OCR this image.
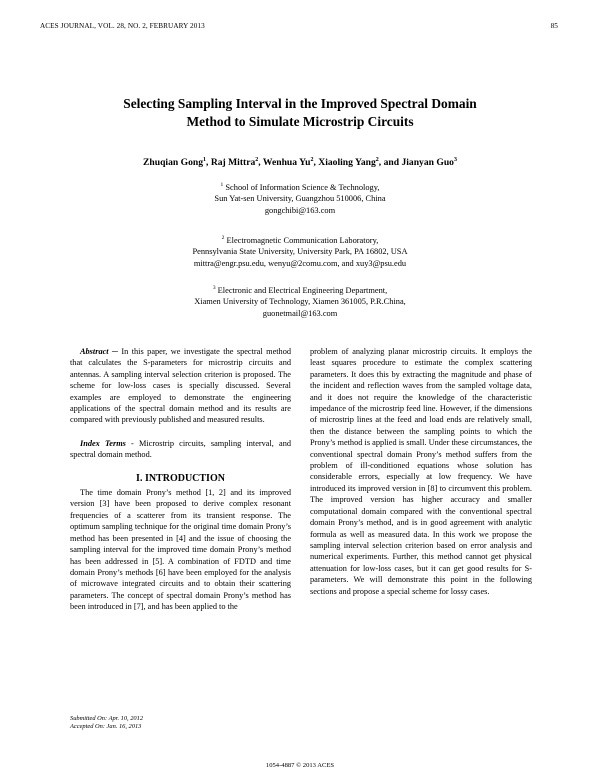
ACES JOURNAL, VOL. 28, NO. 2, FEBRUARY 2013	85
Selecting Sampling Interval in the Improved Spectral Domain
Method to Simulate Microstrip Circuits
Zhuqian Gong$^1$, Raj Mittra$^2$, Wenhua Yu$^2$, Xiaoling Yang$^2$, and Jianyan Guo$^3$
$^1$ School of Information Science & Technology,
Sun Yat-sen University, Guangzhou 510006, China
gongchibi@163.com
$^2$ Electromagnetic Communication Laboratory,
Pennsylvania State University, University Park, PA 16802, USA
mittra@engr.psu.edu, wenyu@2comu.com, and xuy3@psu.edu
$^3$ Electronic and Electrical Engineering Department,
Xiamen University of Technology, Xiamen 361005, P.R.China,
guonetmail@163.com

Abstract ─ In this paper, we investigate the spectral method that calculates the S-parameters for microstrip circuits and antennas. A sampling interval selection criterion is proposed. The scheme for low-loss cases is specially discussed. Several examples are employed to demonstrate the engineering applications of the spectral domain method and its results are compared with previously published and measured results.

Index Terms - Microstrip circuits, sampling interval, and spectral domain method.

I. INTRODUCTION

The time domain Prony’s method [1, 2] and its improved version [3] have been proposed to derive complex resonant frequencies of a scatterer from its transient response. The optimum sampling technique for the original time domain Prony’s method has been presented in [4] and the issue of choosing the sampling interval for the improved time domain Prony’s method has been addressed in [5]. A combination of FDTD and time domain Prony’s methods [6] have been employed for the analysis of microwave integrated circuits and to obtain their scattering parameters. The concept of spectral domain Prony’s method has been introduced in [7], and has been applied to the

problem of analyzing planar microstrip circuits. It employs the least squares procedure to estimate the complex scattering parameters. It does this by extracting the magnitude and phase of the incident and reflection waves from the sampled voltage data, and it does not require the knowledge of the characteristic impedance of the microstrip feed line. However, if the dimensions of microstrip lines at the feed and load ends are relatively small, then the distance between the sampling points to which the Prony’s method is applied is small. Under these circumstances, the conventional spectral domain Prony’s method suffers from the problem of ill-conditioned equations whose solution has considerable errors, especially at low frequency. We have introduced its improved version in [8] to circumvent this problem. The improved version has higher accuracy and smaller computational domain compared with the conventional spectral domain Prony’s method, and is in good agreement with analytic formula as well as measured data. In this work we propose the sampling interval selection criterion based on error analysis and numerical experiments. Further, this method cannot get physical attenuation for low-loss cases, but it can get good results for S-parameters. We will demonstrate this point in the following sections and propose a special scheme for lossy cases.

Submitted On: Apr. 10, 2012
Accepted On: Jan. 16, 2013
1054-4887 © 2013 ACES
